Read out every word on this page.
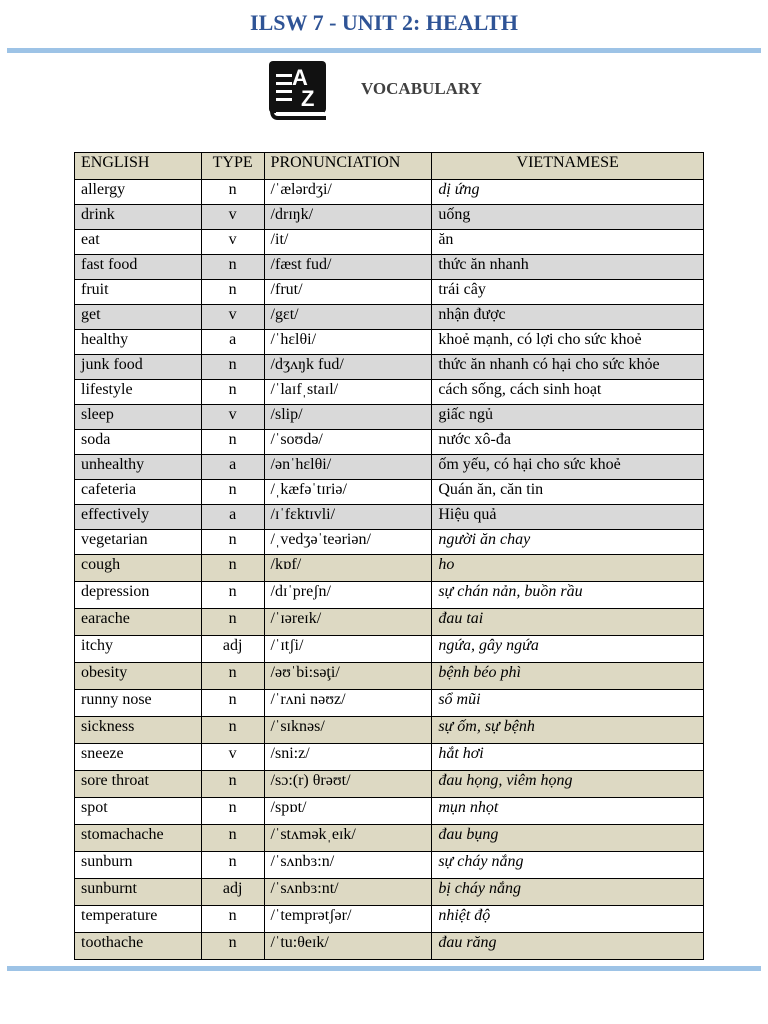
ILSW 7 - UNIT 2: HEALTH
A
Z	VOCABULARY
ENGLISH	TYPE	PRONUNCIATION	VIETNAMESE
allergy	n	/ˈælərdʒi/	dị ứng
drink	v	/drɪŋk/	uống
eat	v	/it/	ăn
fast food	n	/fæst fud/	thức ăn nhanh
fruit	n	/frut/	trái cây
get	v	/gɛt/	nhận được
healthy	a	/ˈhɛlθi/	khoẻ mạnh, có lợi cho sức khoẻ
junk food	n	/dʒʌŋk fud/	thức ăn nhanh có hại cho sức khỏe
lifestyle	n	/ˈlaɪfˌstaɪl/	cách sống, cách sinh hoạt
sleep	v	/slip/	giấc ngủ
soda	n	/ˈsoʊdə/	nước xô-đa
unhealthy	a	/ənˈhɛlθi/	ốm yếu, có hại cho sức khoẻ
cafeteria	n	/ˌkæfəˈtɪriə/	Quán ăn, căn tin
effectively	a	/ɪˈfɛktɪvli/	Hiệu quả
vegetarian	n	/ˌvedʒəˈteəriən/	người ăn chay
cough	n	/kɒf/	ho
depression	n	/dɪˈpreʃn/	sự chán nản, buồn rầu
earache	n	/ˈɪəreɪk/	đau tai
itchy	adj	/ˈɪtʃi/	ngứa, gây ngứa
obesity	n	/əʊˈbi:səţi/	bệnh béo phì
runny nose	n	/ˈrʌni nəʊz/	sổ mũi
sickness	n	/ˈsɪknəs/	sự ốm, sự bệnh
sneeze	v	/sni:z/	hắt hơi
sore throat	n	/sɔ:(r) θrəʊt/	đau họng, viêm họng
spot	n	/spɒt/	mụn nhọt
stomachache	n	/ˈstʌməkˌeɪk/	đau bụng
sunburn	n	/ˈsʌnbɜ:n/	sự cháy nắng
sunburnt	adj	/ˈsʌnbɜ:nt/	bị cháy nắng
temperature	n	/ˈtemprətʃər/	nhiệt độ
toothache	n	/ˈtu:θeɪk/	đau răng
